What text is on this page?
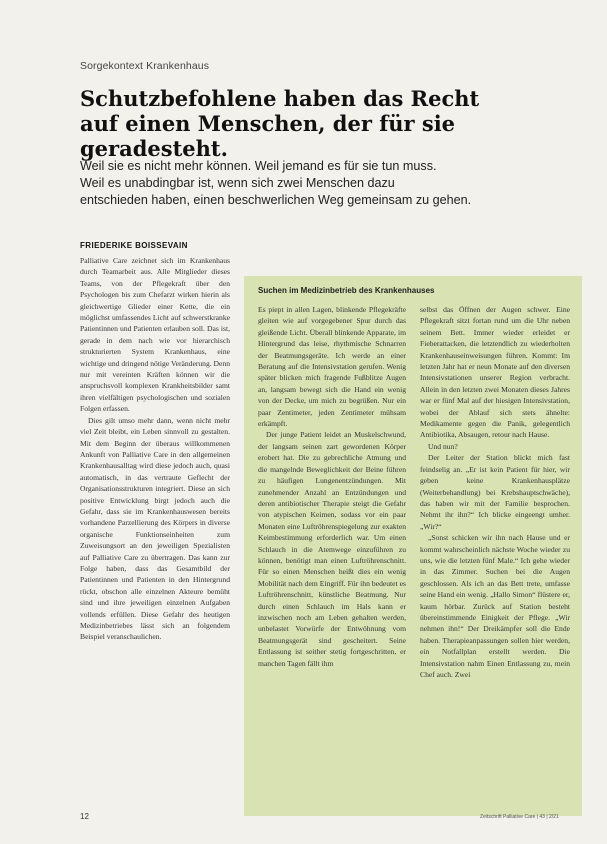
Sorgekontext Krankenhaus
Schutzbefohlene haben das Recht
auf einen Menschen, der für sie geradesteht.
Weil sie es nicht mehr können. Weil jemand es für sie tun muss.
Weil es unabdingbar ist, wenn sich zwei Menschen dazu
entschieden haben, einen beschwerlichen Weg gemeinsam zu gehen.
FRIEDERIKE BOISSEVAIN

Palliative Care zeichnet sich im Krankenhaus durch Teamarbeit aus. Alle Mitglieder dieses Teams, von der Pflegekraft über den Psychologen bis zum Chefarzt wirken hierin als gleichwertige Glieder einer Kette, die ein möglichst umfassendes Licht auf schwerstkranke Patientinnen und Patienten erlauben soll. Das ist, gerade in dem nach wie vor hierarchisch strukturierten System Krankenhaus, eine wichtige und dringend nötige Veränderung. Denn nur mit vereinten Kräften können wir die anspruchsvoll komplexen Krankheitsbilder samt ihren vielfältigen psychologischen und sozialen Folgen erfassen.

Dies gilt umso mehr dann, wenn nicht mehr viel Zeit bleibt, ein Leben sinnvoll zu gestalten. Mit dem Beginn der überaus willkommenen Ankunft von Palliative Care in den allgemeinen Krankenhausalltag wird diese jedoch auch, quasi automatisch, in das vertraute Geflecht der Organisationsstrukturen integriert. Diese an sich positive Entwicklung birgt jedoch auch die Gefahr, dass sie im Krankenhauswesen bereits vorhandene Parzellierung des Körpers in diverse organische Funktionseinheiten zum Zuweisungsort an den jeweiligen Spezialisten auf Palliative Care zu übertragen. Das kann zur Folge haben, dass das Gesamtbild der Patientinnen und Patienten in den Hintergrund rückt, obschon alle einzelnen Akteure bemüht sind und ihre jeweiligen einzelnen Aufgaben vollends erfüllen. Diese Gefahr des heutigen Medizinbetriebes lässt sich an folgendem Beispiel veranschaulichen.

Suchen im Medizinbetrieb des Krankenhauses

Es piept in allen Lagen, blinkende Pflegekräfte gleiten wie auf vorgegebener Spur durch das gleißende Licht. Überall blinkende Apparate, im Hintergrund das leise, rhythmische Schnarren der Beatmungsgeräte. Ich werde an einer Beratung auf die Intensivstation gerufen. Wenig später blicken mich fragende Fußblitze Augen an, langsam bewegt sich die Hand ein wenig von der Decke, um mich zu begrüßen. Nur ein paar Zentimeter, jeden Zentimeter mühsam erkämpft.

Der junge Patient leidet an Muskelschwund, der langsam seinen zart gewordenen Körper erobert hat. Die zu gebrechliche Atmung und die mangelnde Beweglichkeit der Beine führen zu häufigen Lungenentzündungen. Mit zunehmender Anzahl an Entzündungen und deren antibiotischer Therapie steigt die Gefahr von atypischen Keimen, sodass vor ein paar Monaten eine Luftröhrenspiegelung zur exakten Keimbestimmung erforderlich war. Um einen Schlauch in die Atemwege einzuführen zu können, benötigt man einen Luftröhrenschnitt. Für so einen Menschen heißt dies ein wenig Mobilität nach dem Eingriff. Für ihn bedeutet es Luftröhrenschnitt, künstliche Beatmung. Nur durch einen Schlauch im Hals kann er inzwischen noch am Leben gehalten werden, unbelastet Vorwürfe der Entwöhnung vom Beatmungsgerät sind gescheitert. Seine Entlassung ist seither stetig fortgeschritten, er manchen Tagen fällt ihm

selbst das Öffnen der Augen schwer. Eine Pflegekraft sitzt fortan rund um die Uhr neben seinem Bett. Immer wieder erleidet er Fieberattacken, die letztendlich zu wiederholten Krankenhauseinweisungen führen. Kommt: Im letzten Jahr hat er neun Monate auf den diversen Intensivstationen unserer Region verbracht. Allein in den letzten zwei Monaten dieses Jahres war er fünf Mal auf der hiesigen Intensivstation, wobei der Ablauf sich stets ähnelte: Medikamente gegen die Panik, gelegentlich Antibiotika, Absaugen, retour nach Hause.

Und nun?

Der Leiter der Station blickt mich fast feindselig an. „Er ist kein Patient für hier, wir geben keine Krankenhausplätze (Weiterbehandlung) bei Krebshauptschwäche), das haben wir mit der Familie besprochen. Nehmt ihr ihn?“ Ich blicke eingeengt umher. „Wir?“

„Sonst schicken wir ihn nach Hause und er kommt wahrscheinlich nächste Woche wieder zu uns, wie die letzten fünf Male.“ Ich gehe wieder in das Zimmer. Suchen bei die Augen geschlossen. Als ich an das Bett trete, umfasse seine Hand ein wenig. „Hallo Simon“ flüstere er, kaum hörbar. Zurück auf Station besteht übereinstimmende Einigkeit der Pflege. „Wir nehmen ihn!“ Der Dreikämpfer soll die Ende haben. Therapieanpassungen sollen hier werden, ein Notfallplan erstellt werden. Die Intensivstation nahm Einen Entlassung zu, mein Chef auch. Zwei

12	Zeitschrift Palliative Care | 43 | 2/21
